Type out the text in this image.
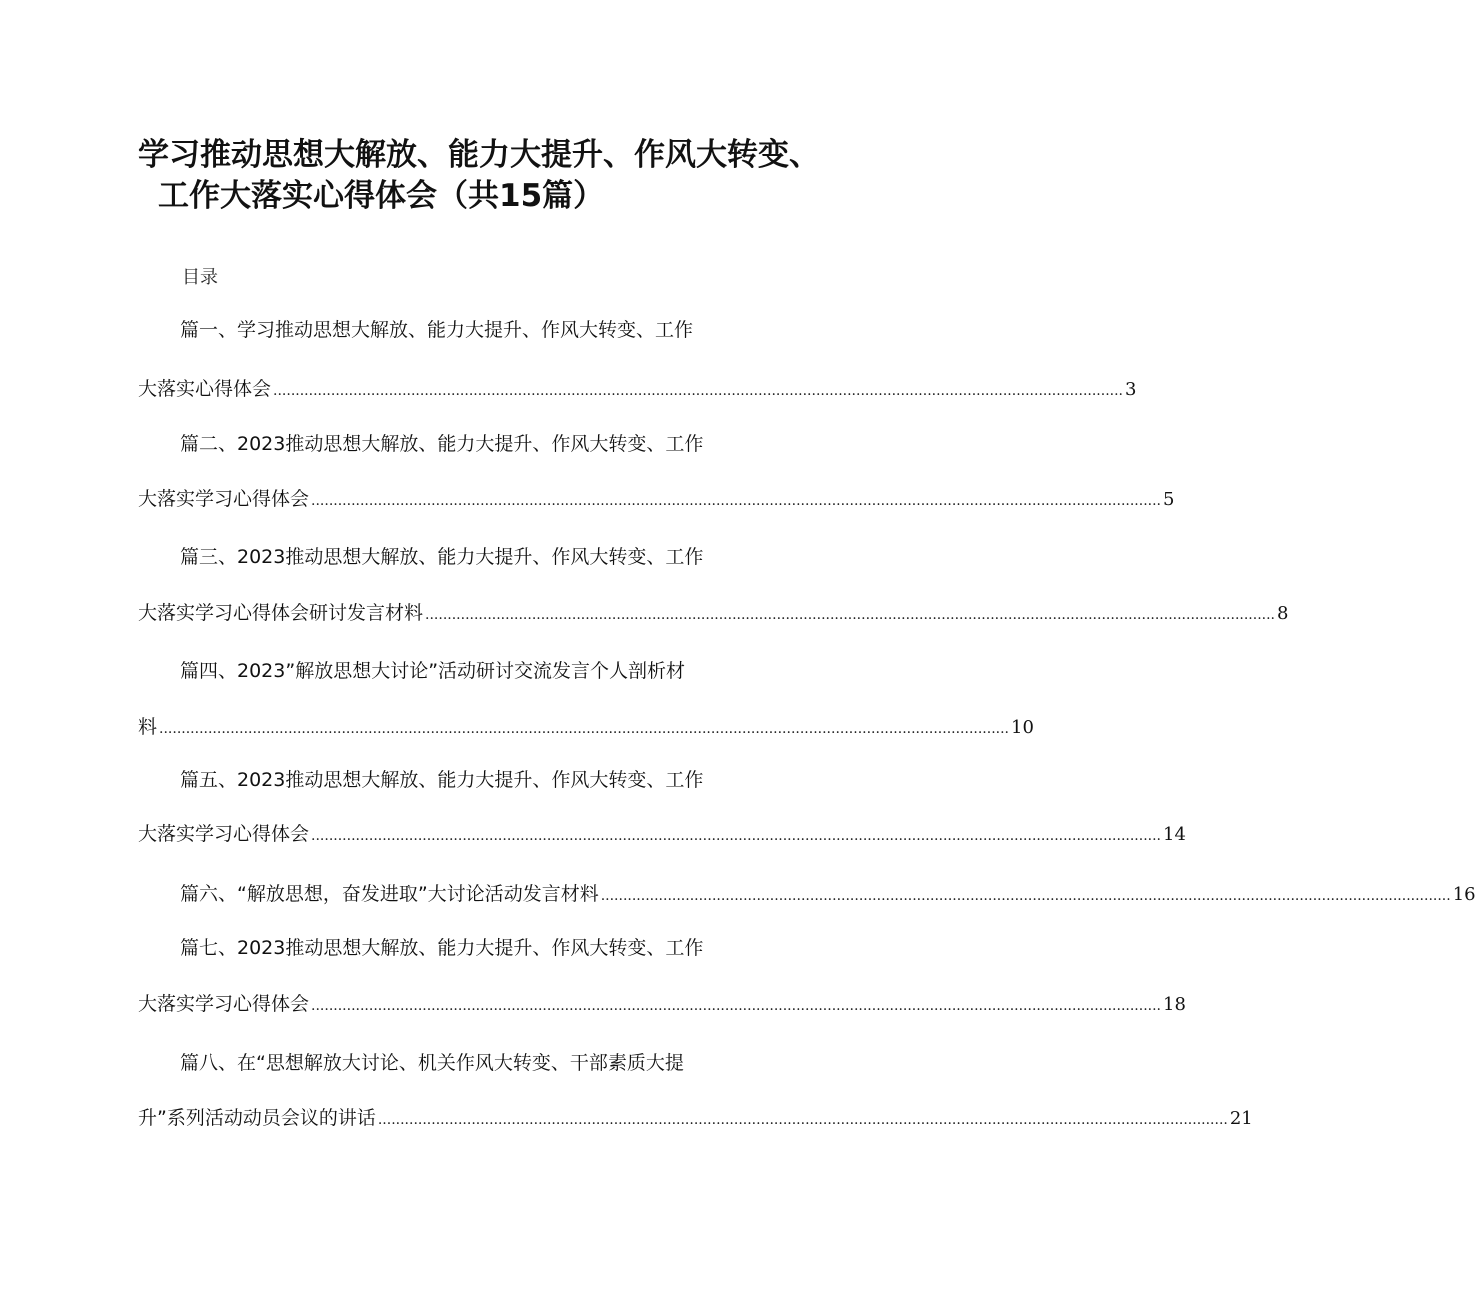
学习推动思想大解放、能力大提升、作风大转变、
工作大落实心得体会（共15篇）
目录
篇一、学习推动思想大解放、能力大提升、作风大转变、工作
大落实心得体会 ............................................................................................................................................................................................... 3
篇二、2023推动思想大解放、能力大提升、作风大转变、工作
大落实学习心得体会 ............................................................................................................................................................................................... 5
篇三、2023推动思想大解放、能力大提升、作风大转变、工作
大落实学习心得体会研讨发言材料 ............................................................................................................................................................................................... 8
篇四、2023”解放思想大讨论”活动研讨交流发言个人剖析材
料 ............................................................................................................................................................................................... 10
篇五、2023推动思想大解放、能力大提升、作风大转变、工作
大落实学习心得体会 ............................................................................................................................................................................................... 14
篇六、“解放思想，奋发进取”大讨论活动发言材料 ............................................................................................................................................................................................... 16
篇七、2023推动思想大解放、能力大提升、作风大转变、工作
大落实学习心得体会 ............................................................................................................................................................................................... 18
篇八、在“思想解放大讨论、机关作风大转变、干部素质大提
升”系列活动动员会议的讲话 ............................................................................................................................................................................................... 21
